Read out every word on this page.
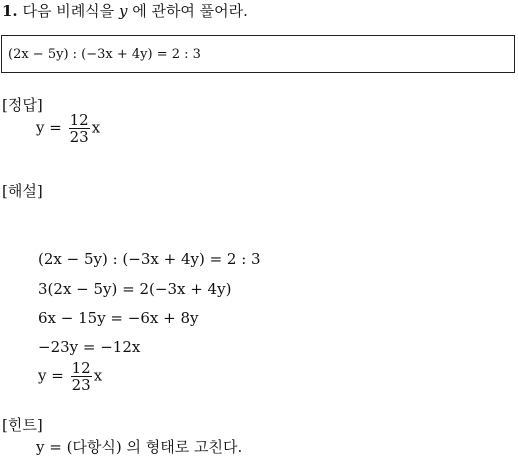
1. 다음 비례식을 y 에 관하여 풀어라.
(2x − 5y) : (−3x + 4y) = 2 : 3
[정답]
$y = \frac{12}{23}$ x
[해설]
(2x − 5y) : (−3x + 4y) = 2 : 3
3(2x − 5y) = 2(−3x + 4y)
6x − 15y = −6x + 8y
−23y = −12x
$y = \frac{12}{23}$ x
[힌트]
y = (다항식) 의 형태로 고친다.
